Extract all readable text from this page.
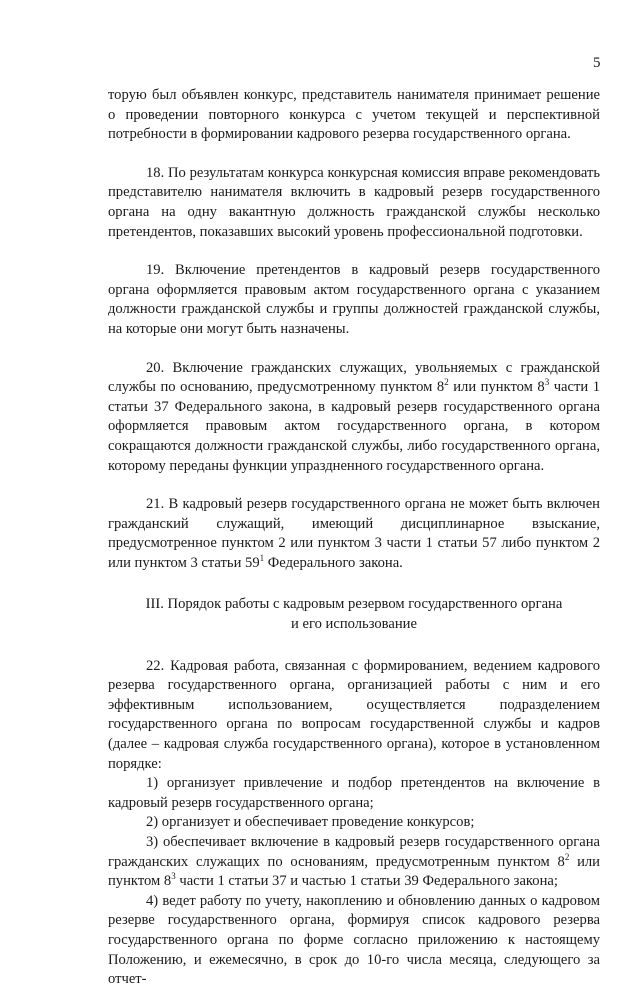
5

торую был объявлен конкурс, представитель нанимателя принимает решение о проведении повторного конкурса с учетом текущей и перспективной потребности в формировании кадрового резерва государственного органа.

18. По результатам конкурса конкурсная комиссия вправе рекомендовать представителю нанимателя включить в кадровый резерв государственного органа на одну вакантную должность гражданской службы несколько претендентов, показавших высокий уровень профессиональной подготовки.

19. Включение претендентов в кадровый резерв государственного органа оформляется правовым актом государственного органа с указанием должности гражданской службы и группы должностей гражданской службы, на которые они могут быть назначены.

20. Включение гражданских служащих, увольняемых с гражданской службы по основанию, предусмотренному пунктом $8^2$ или пунктом $8^3$ части 1 статьи 37 Федерального закона, в кадровый резерв государственного органа оформляется правовым актом государственного органа, в котором сокращаются должности гражданской службы, либо государственного органа, которому переданы функции упраздненного государственного органа.

21. В кадровый резерв государственного органа не может быть включен гражданский служащий, имеющий дисциплинарное взыскание, предусмотренное пунктом 2 или пунктом 3 части 1 статьи 57 либо пунктом 2 или пунктом 3 статьи $59^1$ Федерального закона.

III. Порядок работы с кадровым резервом государственного органа
и его использование

22. Кадровая работа, связанная с формированием, ведением кадрового резерва государственного органа, организацией работы с ним и его эффективным использованием, осуществляется подразделением государственного органа по вопросам государственной службы и кадров (далее – кадровая служба государственного органа), которое в установленном порядке:

1) организует привлечение и подбор претендентов на включение в кадровый резерв государственного органа;

2) организует и обеспечивает проведение конкурсов;

3) обеспечивает включение в кадровый резерв государственного органа гражданских служащих по основаниям, предусмотренным пунктом $8^2$ или пунктом $8^3$ части 1 статьи 37 и частью 1 статьи 39 Федерального закона;

4) ведет работу по учету, накоплению и обновлению данных о кадровом резерве государственного органа, формируя список кадрового резерва государственного органа по форме согласно приложению к настоящему Положению, и ежемесячно, в срок до 10-го числа месяца, следующего за отчет-
